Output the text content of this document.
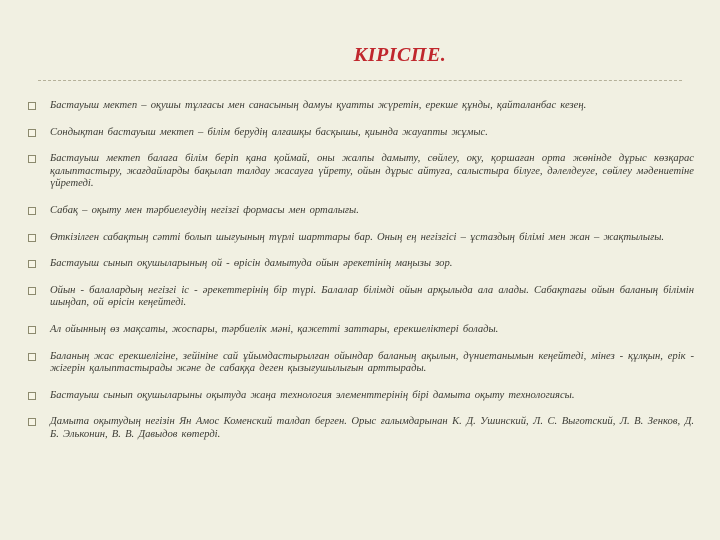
КІРІСПЕ.
Бастауыш мектеп – оқушы тұлғасы мен санасының дамуы қуатты жүретін, ерекше құнды, қайталанбас кезең.
Сондықтан бастауыш мектеп – білім берудің алғашқы басқышы, қиында жауапты жұмыс.
Бастауыш мектеп балаға білім беріп қана қоймай, оны жалпы дамыту, сөйлеу, оқу, қоршаған орта жөнінде дұрыс көзқарас қалыптастыру, жағдайларды бақылап талдау жасауға үйрету, ойын дұрыс айтуға, салыстыра білуге, дәлелдеуге, сөйлеу мәдениетіне үйретеді.
Сабақ – оқыту мен тәрбиелеудің негізгі формасы мен орталығы.
Өткізілген сабақтың сәтті болып шығуының түрлі шарттары бар. Оның ең негізгісі – ұстаздың білімі мен жан – жақтылығы.
Бастауыш сынып оқушыларының ой - өрісін дамытуда ойын әрекетінің маңызы зор.
Ойын - балалардың негізгі іс - әрекеттерінің бір түрі. Балалар білімді ойын арқылыда ала алады. Сабақтағы ойын баланың білімін шыңдап, ой өрісін кеңейтеді.
Ал ойынның өз мақсаты, жоспары, тәрбиелік мәні, қажетті заттары, ерекшеліктері болады.
Баланың жас ерекшелігіне, зейініне сай ұйымдастырылған ойындар баланың ақылын, дүниетанымын кеңейтеді, мінез - құлқын, ерік - жігерін қалыптастырады және де сабаққа деген қызығушылығын арттырады.
Бастауыш сынып оқушыларыны оқытуда жаңа технология элементтерінің бірі дамыта оқыту технологиясы.
Дамыта оқытудың негізін Ян Амос Коменский талдап берген. Орыс ғалымдарынан К. Д. Ушинский, Л. С. Выготский, Л. В. Зенков, Д. Б. Эльконин, В. В. Давыдов көтерді.
